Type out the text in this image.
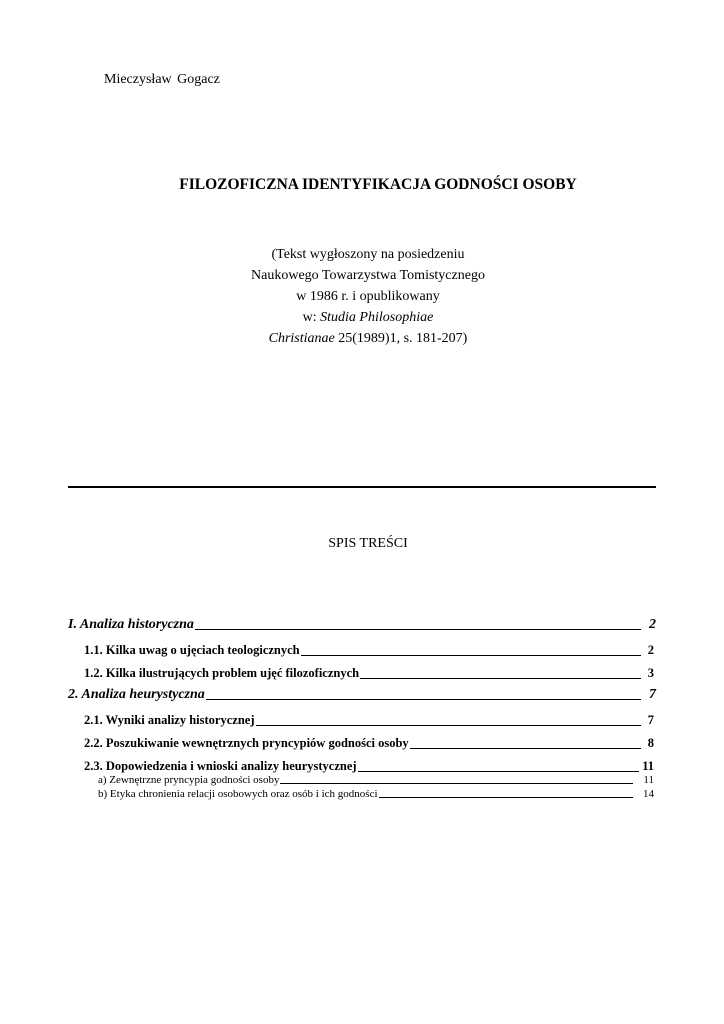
Mieczysław Gogacz
FILOZOFICZNA IDENTYFIKACJA GODNOŚCI OSOBY
(Tekst wygłoszony na posiedzeniu
Naukowego Towarzystwa Tomistycznego
w 1986 r. i opublikowany
w: Studia Philosophiae
Christianae 25(1989)1, s. 181-207)
SPIS TREŚCI
I. Analiza historyczna	2
1.1. Kilka uwag o ujęciach teologicznych	2
1.2. Kilka ilustrujących problem ujęć filozoficznych	3
2. Analiza heurystyczna	7
2.1. Wyniki analizy historycznej	7
2.2. Poszukiwanie wewnętrznych pryncypiów godności osoby	8
2.3. Dopowiedzenia i wnioski analizy heurystycznej	11
a) Zewnętrzne pryncypia godności osoby	11
b) Etyka chronienia relacji osobowych oraz osób i ich godności	14
